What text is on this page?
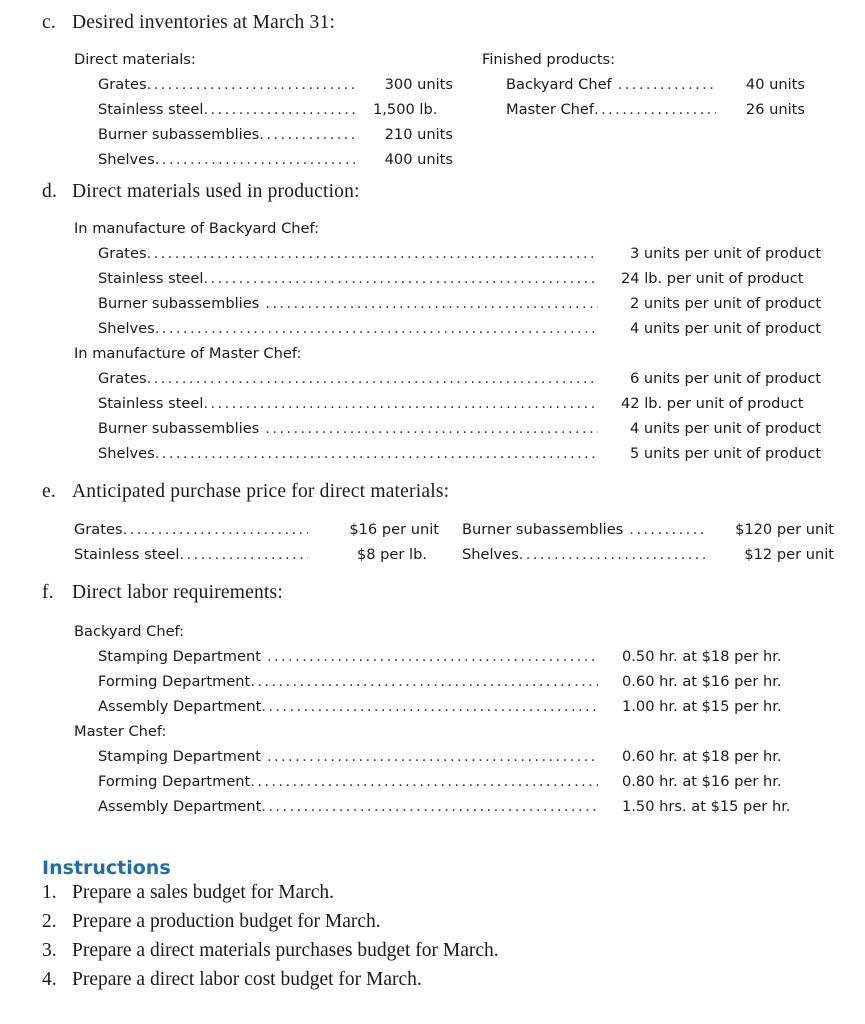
c. Desired inventories at March 31:
Direct materials:
Grates .....	300 units
Stainless steel .....	1,500 lb.
Burner subassemblies .....	210 units
Shelves .....	400 units
Finished products:
Backyard Chef .....	40 units
Master Chef .....	26 units
d. Direct materials used in production:
In manufacture of Backyard Chef:
Grates .....	3 units per unit of product
Stainless steel .....	24 lb. per unit of product
Burner subassemblies .....	2 units per unit of product
Shelves .....	4 units per unit of product
In manufacture of Master Chef:
Grates .....	6 units per unit of product
Stainless steel .....	42 lb. per unit of product
Burner subassemblies .....	4 units per unit of product
Shelves .....	5 units per unit of product
e. Anticipated purchase price for direct materials:
Grates .....	$16 per unit
Stainless steel .....	$8 per lb.
Burner subassemblies .....	$120 per unit
Shelves .....	$12 per unit
f. Direct labor requirements:
Backyard Chef:
Stamping Department .....	0.50 hr. at $18 per hr.
Forming Department .....	0.60 hr. at $16 per hr.
Assembly Department .....	1.00 hr. at $15 per hr.
Master Chef:
Stamping Department .....	0.60 hr. at $18 per hr.
Forming Department .....	0.80 hr. at $16 per hr.
Assembly Department .....	1.50 hrs. at $15 per hr.
Instructions
1. Prepare a sales budget for March.
2. Prepare a production budget for March.
3. Prepare a direct materials purchases budget for March.
4. Prepare a direct labor cost budget for March.
